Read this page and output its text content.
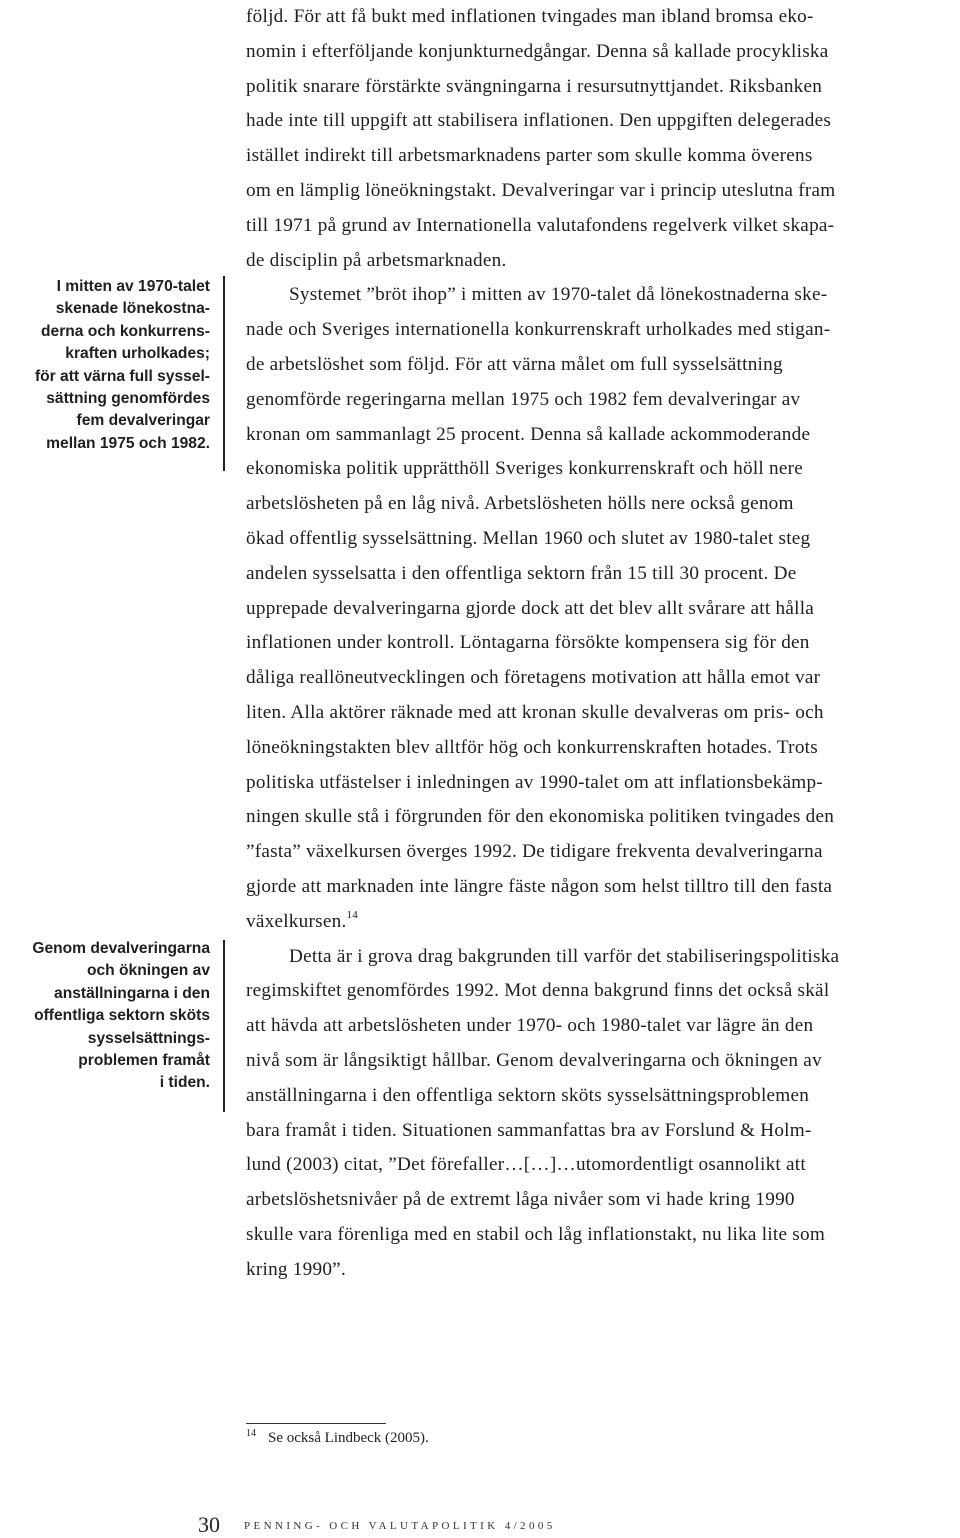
I mitten av 1970-talet
skenade lönekostna-
derna och konkurrens-
kraften urholkades;
för att värna full syssel-
sättning genomfördes
fem devalveringar
mellan 1975 och 1982.
Genom devalveringarna
och ökningen av
anställningarna i den
offentliga sektorn sköts
sysselsättnings-
problemen framåt
i tiden.
följd. För att få bukt med inflationen tvingades man ibland bromsa eko-
nomin i efterföljande konjunkturnedgångar. Denna så kallade procykliska
politik snarare förstärkte svängningarna i resursutnyttjandet. Riksbanken
hade inte till uppgift att stabilisera inflationen. Den uppgiften delegerades
istället indirekt till arbetsmarknadens parter som skulle komma överens
om en lämplig löneökningstakt. Devalveringar var i princip uteslutna fram
till 1971 på grund av Internationella valutafondens regelverk vilket skapa-
de disciplin på arbetsmarknaden.
Systemet ”bröt ihop” i mitten av 1970-talet då lönekostnaderna ske-
nade och Sveriges internationella konkurrenskraft urholkades med stigan-
de arbetslöshet som följd. För att värna målet om full sysselsättning
genomförde regeringarna mellan 1975 och 1982 fem devalveringar av
kronan om sammanlagt 25 procent. Denna så kallade ackommoderande
ekonomiska politik upprätthöll Sveriges konkurrenskraft och höll nere
arbetslösheten på en låg nivå. Arbetslösheten hölls nere också genom
ökad offentlig sysselsättning. Mellan 1960 och slutet av 1980-talet steg
andelen sysselsatta i den offentliga sektorn från 15 till 30 procent. De
upprepade devalveringarna gjorde dock att det blev allt svårare att hålla
inflationen under kontroll. Löntagarna försökte kompensera sig för den
dåliga reallöneutvecklingen och företagens motivation att hålla emot var
liten. Alla aktörer räknade med att kronan skulle devalveras om pris- och
löneökningstakten blev alltför hög och konkurrenskraften hotades. Trots
politiska utfästelser i inledningen av 1990-talet om att inflationsbekämp-
ningen skulle stå i förgrunden för den ekonomiska politiken tvingades den
”fasta” växelkursen överges 1992. De tidigare frekventa devalveringarna
gjorde att marknaden inte längre fäste någon som helst tilltro till den fasta
växelkursen.$^{14}$
Detta är i grova drag bakgrunden till varför det stabiliseringspolitiska
regimskiftet genomfördes 1992. Mot denna bakgrund finns det också skäl
att hävda att arbetslösheten under 1970- och 1980-talet var lägre än den
nivå som är långsiktigt hållbar. Genom devalveringarna och ökningen av
anställningarna i den offentliga sektorn sköts sysselsättningsproblemen
bara framåt i tiden. Situationen sammanfattas bra av Forslund & Holm-
lund (2003) citat, ”Det förefaller…[…]…utomordentligt osannolikt att
arbetslöshetsnivåer på de extremt låga nivåer som vi hade kring 1990
skulle vara förenliga med en stabil och låg inflationstakt, nu lika lite som
kring 1990”.
$^{14}$ Se också Lindbeck (2005).
30 PENNING- OCH VALUTAPOLITIK 4/2005
